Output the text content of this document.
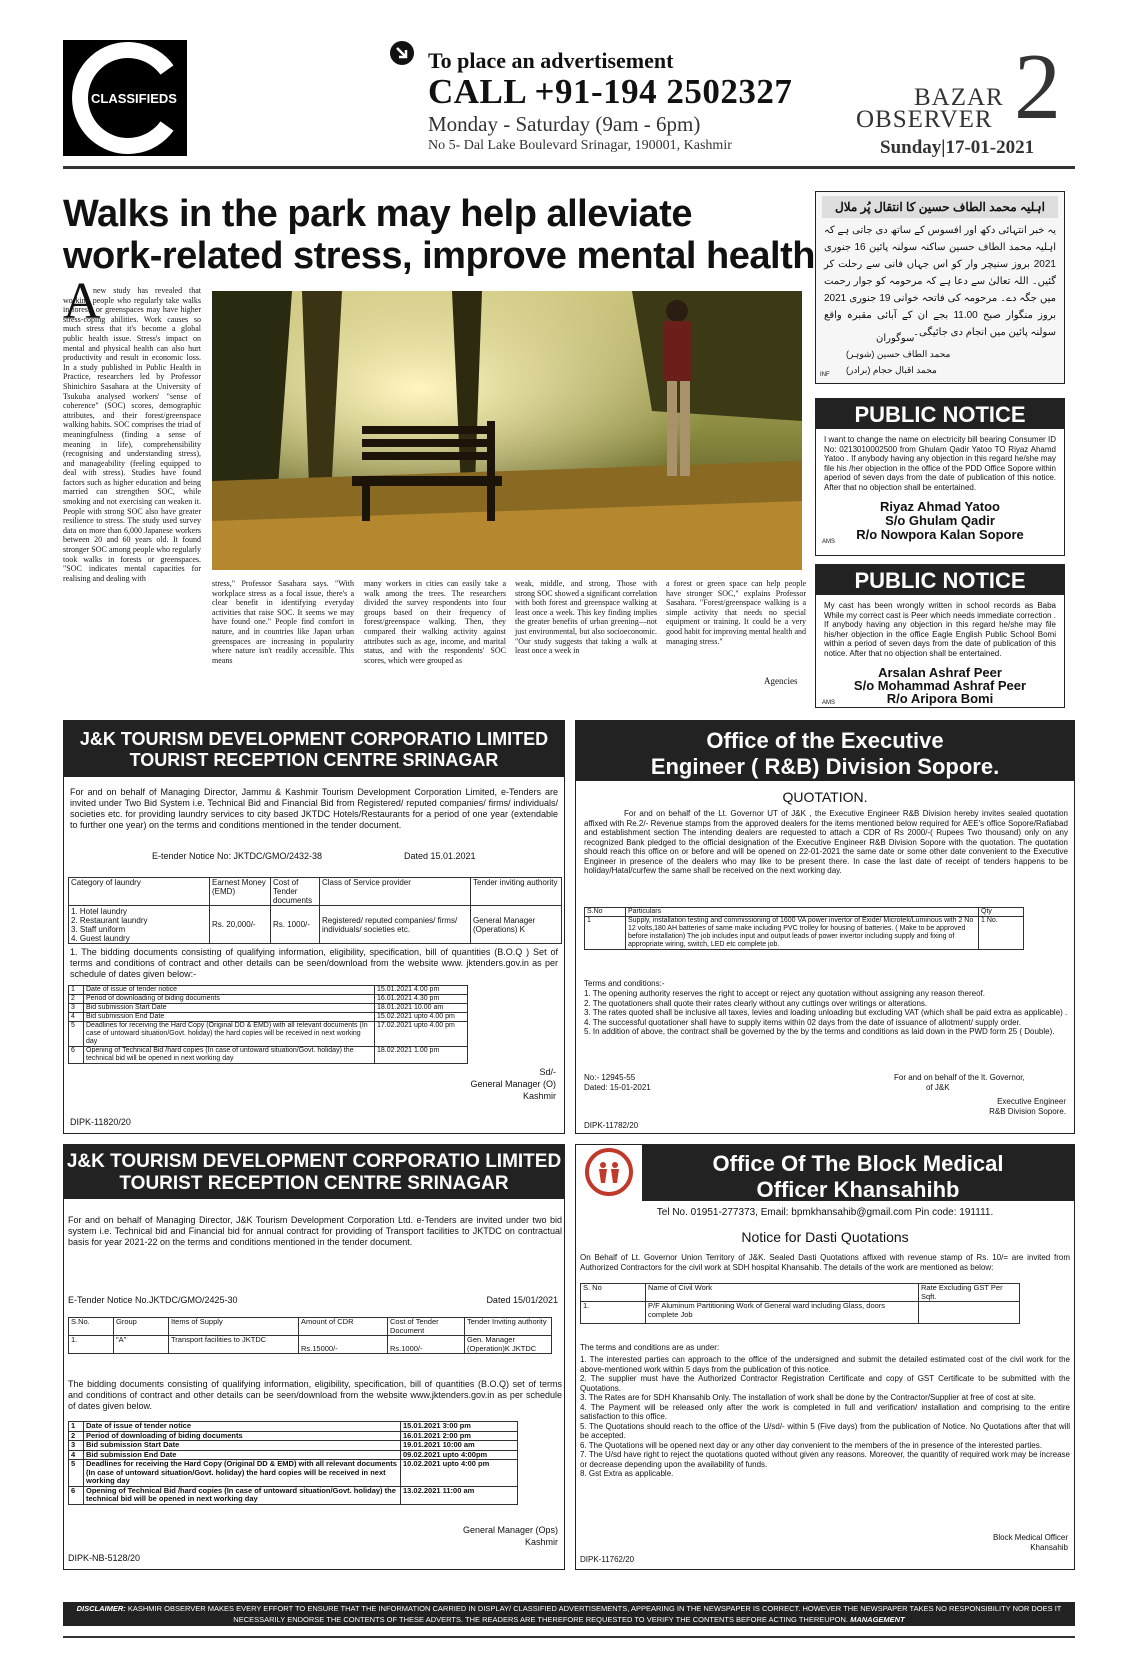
CLASSIFIEDS
To place an advertisement
CALL +91-194 2502327
Monday - Saturday (9am - 6pm)
No 5- Dal Lake Boulevard Srinagar, 190001, Kashmir
BAZAR
OBSERVER 2
Sunday|17-01-2021
Walks in the park may help alleviate
work-related stress, improve mental health
A
new study has revealed that working people who regularly take walks in forests or greenspaces may have higher stress-coping abilities. Work causes so much stress that it's become a global public health issue. Stress's impact on mental and physical health can also hurt productivity and result in economic loss. In a study published in Public Health in Practice, researchers led by Professor Shinichiro Sasahara at the University of Tsukuba analysed workers' "sense of coherence" (SOC) scores, demographic attributes, and their forest/greenspace walking habits. SOC comprises the triad of meaningfulness (finding a sense of meaning in life), comprehensibility (recognising and understanding stress), and manageability (feeling equipped to deal with stress). Studies have found factors such as higher education and being married can strengthen SOC, while smoking and not exercising can weaken it. People with strong SOC also have greater resilience to stress. The study used survey data on more than 6,000 Japanese workers between 20 and 60 years old. It found stronger SOC among people who regularly took walks in forests or greenspaces. "SOC indicates mental capacities for realising and dealing with
stress," Professor Sasahara says. "With workplace stress as a focal issue, there's a clear benefit in identifying everyday activities that raise SOC. It seems we may have found one." People find comfort in nature, and in countries like Japan urban greenspaces are increasing in popularity where nature isn't readily accessible. This means
many workers in cities can easily take a walk among the trees. The researchers divided the survey respondents into four groups based on their frequency of forest/greenspace walking. Then, they compared their walking activity against attributes such as age, income, and marital status, and with the respondents' SOC scores, which were grouped as
weak, middle, and strong. Those with strong SOC showed a significant correlation with both forest and greenspace walking at least once a week. This key finding implies the greater benefits of urban greening—not just environmental, but also socioeconomic. "Our study suggests that taking a walk at least once a week in
a forest or green space can help people have stronger SOC," explains Professor Sasahara. "Forest/greenspace walking is a simple activity that needs no special equipment or training. It could be a very good habit for improving mental health and managing stress."
Agencies
اہلیہ محمد الطاف حسین کا انتقال پُر ملال
یہ خبر انتہائی دکھ اور افسوس کے ساتھ دی جاتی ہے کہ اہلیہ محمد الطاف حسین ساکنہ سولنہ پائین 16 جنوری 2021 بروز سنیچر وار کو اس جہاں فانی سے رحلت کر گئیں۔ اللہ تعالیٰ سے دعا ہے کہ مرحومہ کو جوار رحمت میں جگہ دے۔ مرحومہ کی فاتحہ خوانی 19 جنوری 2021 بروز منگوار صبح 11.00 بجے ان کے آبائی مقبرہ واقع سولنہ پائین میں انجام دی جائیگی۔
سوگوران
محمد الطاف حسین (شوہر)
محمد اقبال حجام (برادر)
INF
PUBLIC NOTICE
I want to change the name on electricity bill bearing Consumer ID No: 0213010002500 from Ghulam Qadir Yatoo TO Riyaz Ahamd Yatoo . If anybody having any objection in this regard he/she may file his /her objection in the office of the PDD Office Sopore within aperiod of seven days from the date of publication of this notice. After that no objection shall be entertained.
Riyaz Ahmad Yatoo
S/o Ghulam Qadir
R/o Nowpora Kalan Sopore
AMS
PUBLIC NOTICE
My cast has been wrongly written in school records as Baba While my correct cast is Peer which needs immediate correction . If anybody having any objection in this regard he/she may file his/her objection in the office Eagle English Public School Bomi within a period of seven days from the date of publication of this notice. After that no objection shall be entertained.
Arsalan Ashraf Peer
S/o Mohammad Ashraf Peer
R/o Aripora Bomi
AMS
J&K TOURISM DEVELOPMENT CORPORATIO LIMITED
TOURIST RECEPTION CENTRE SRINAGAR
For and on behalf of Managing Director, Jammu & Kashmir Tourism Development Corporation Limited, e-Tenders are invited under Two Bid System i.e. Technical Bid and Financial Bid from Registered/ reputed companies/ firms/ individuals/ societies etc. for providing laundry services to city based JKTDC Hotels/Restaurants for a period of one year (extendable to further one year) on the terms and conditions mentioned in the tender document.
E-tender Notice No: JKTDC/GMO/2432-38	Dated 15.01.2021
Category of laundry	Earnest Money (EMD)	Cost of Tender documents	Class of Service provider	Tender inviting authority

1. Hotel laundry
2. Restaurant laundry
3. Staff uniform
4. Guest laundry	Rs. 20,000/-	Rs. 1000/-	Registered/ reputed companies/ firms/ individuals/ societies etc.	General Manager (Operations) K
1. The bidding documents consisting of qualifying information, eligibility, specification, bill of quantities (B.O.Q ) Set of terms and conditions of contract and other details can be seen/download from the website www. jktenders.gov.in as per schedule of dates given below:-
1	Date of issue of tender notice	15.01.2021 4.00 pm
2	Period of downloading of biding documents	16.01.2021 4.30 pm
3	Bid submission Start Date	18.01.2021 10.00 am
4	Bid submission End Date	15.02.2021 upto 4.00 pm
5	Deadlines for receiving the Hard Copy (Original DD & EMD) with all relevant documents (In case of untoward situation/Govt. holiday) the hard copies will be received in next working day	17.02.2021 upto 4.00 pm
6	Opening of Technical Bid /hard copies (In case of untoward situation/Govt. holiday) the technical bid will be opened in next working day	18.02.2021 1.00 pm
Sd/-
General Manager (O)
Kashmir
DIPK-11820/20
Office of the Executive
Engineer ( R&B) Division Sopore.
QUOTATION.
For and on behalf of the Lt. Governor UT of J&K , the Executive Engineer R&B Division hereby invites sealed quotation affixed with Re.2/- Revenue stamps from the approved dealers for the items mentioned below required for AEE's office Sopore/Rafiabad and establishment section The intending dealers are requested to attach a CDR of Rs 2000/-( Rupees Two thousand) only on any recognized Bank pledged to the official designation of the Executive Engineer R&B Division Sopore with the quotation. The quotation should reach this office on or before and will be opened on 22-01-2021 the same date or some other date convenient to the Executive Engineer in presence of the dealers who may like to be present there. In case the last date of receipt of tenders happens to be holiday/Hatal/curfew the same shall be received on the next working day.
S.No	Particulars	Qty
1	Supply, installation testing and commissioning of 1600 VA power invertor of Exide/ Microtek/Luminous with 2 No 12 volts,180 AH batteries of same make including PVC trolley for housing of batteries. ( Make to be approved before installation) The job includes input and output leads of power invertor including supply and fixing of appropriate wiring, switch, LED etc complete job.	1 No.
Terms and conditions:-
1. The opening authority reserves the right to accept or reject any quotation without assigning any reason thereof.
2. The quotationers shall quote their rates clearly without any cuttings over writings or alterations.
3. The rates quoted shall be inclusive all taxes, levies and loading unloading but excluding VAT (which shall be paid extra as applicable) .
4. The successful quotationer shall have to supply items within 02 days from the date of issuance of allotment/ supply order.
5. In addition of above, the contract shall be governed by the by the terms and conditions as laid down in the PWD form 25 ( Double).
No:- 12945-55
Dated: 15-01-2021
For and on behalf of the lt. Governor,
of J&K
Executive Engineer
R&B Division Sopore.
DIPK-11782/20
J&K TOURISM DEVELOPMENT CORPORATIO LIMITED
TOURIST RECEPTION CENTRE SRINAGAR
For and on behalf of Managing Director, J&K Tourism Development Corporation Ltd. e-Tenders are invited under two bid system i.e. Technical bid and Financial bid for annual contract for providing of Transport facilities to JKTDC on contractual basis for year 2021-22 on the terms and conditions mentioned in the tender document.
E-Tender Notice No.JKTDC/GMO/2425-30	Dated 15/01/2021
S.No.	Group	Items of Supply	Amount of CDR	Cost of Tender Document	Tender Inviting authority
1.	"A"	Transport facilities to JKTDC	Rs.15000/-	Rs.1000/-	Gen. Manager (Operation)K JKTDC
The bidding documents consisting of qualifying information, eligibility, specification, bill of quantities (B.O.Q) set of terms and conditions of contract and other details can be seen/download from the website www.jktenders.gov.in as per schedule of dates given below.
1	Date of issue of tender notice	15.01.2021 3:00 pm
2	Period of downloading of biding documents	16.01.2021 2:00 pm
3	Bid submission Start Date	19.01.2021 10:00 am
4	Bid submission End Date	09.02.2021 upto 4:00pm
5	Deadlines for receiving the Hard Copy (Original DD & EMD) with all relevant documents (In case of untoward situation/Govt. holiday) the hard copies will be received in next working day	10.02.2021 upto 4:00 pm
6	Opening of Technical Bid /hard copies (In case of untoward situation/Govt. holiday) the technical bid will be opened in next working day	13.02.2021 11:00 am
General Manager (Ops)
Kashmir
DIPK-NB-5128/20
Office Of The Block Medical
Officer Khansahihb
Tel No. 01951-277373, Email: bpmkhansahib@gmail.com Pin code: 191111.
Notice for Dasti Quotations
On Behalf of Lt. Governor Union Territory of J&K. Sealed Dasti Quotations affixed with revenue stamp of Rs. 10/= are invited from Authorized Contractors for the civil work at SDH hospital Khansahib. The details of the work are mentioned as below:
S. No	Name of Civil Work	Rate Excluding GST Per Sqft.
1.	P/F Aluminum Partitioning Work of General ward including Glass, doors complete Job	
The terms and conditions are as under:
1. The interested parties can approach to the office of the undersigned and submit the detailed estimated cost of the civil work for the above-mentioned work within 5 days from the publication of this notice.
2. The supplier must have the Authorized Contractor Registration Certificate and copy of GST Certificate to be submitted with the Quotations.
3. The Rates are for SDH Khansahib Only. The installation of work shall be done by the Contractor/Supplier at free of cost at site.
4. The Payment will be released only after the work is completed in full and verification/ installation and comprising to the entire satisfaction to this office.
5. The Quotations should reach to the office of the U/sd/- within 5 (Five days) from the publication of Notice. No Quotations after that will be accepted.
6. The Quotations will be opened next day or any other day convenient to the members of the in presence of the interested parties.
7. The U/sd have right to reject the quotations quoted without given any reasons. Moreover, the quantity of required work may be increase or decrease depending upon the availability of funds.
8. Gst Extra as applicable.
Block Medical Officer
Khansahib
DIPK-11762/20
DISCLAIMER: KASHMIR OBSERVER MAKES EVERY EFFORT TO ENSURE THAT THE INFORMATION CARRIED IN DISPLAY/ CLASSIFIED ADVERTISEMENTS, APPEARING IN THE NEWSPAPER IS CORRECT. HOWEVER THE NEWSPAPER TAKES NO RESPONSIBILITY NOR DOES IT NECESSARILY ENDORSE THE CONTENTS OF THESE ADVERTS. THE READERS ARE THEREFORE REQUESTED TO VERIFY THE CONTENTS BEFORE ACTING THEREUPON. MANAGEMENT
